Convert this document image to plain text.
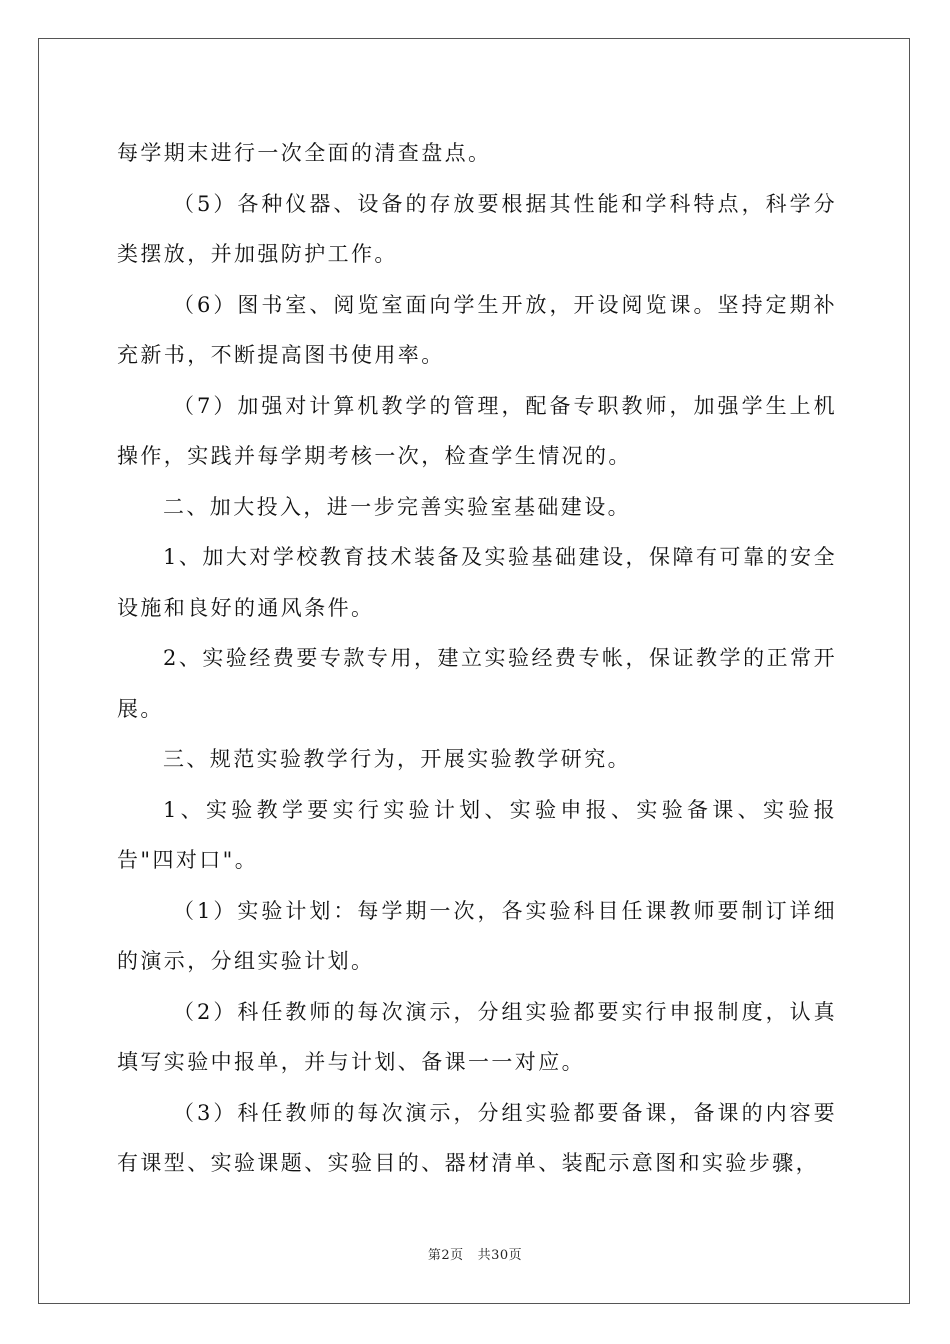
每学期末进行一次全面的清查盘点。

（5）各种仪器、设备的存放要根据其性能和学科特点，科学分类摆放，并加强防护工作。

（6）图书室、阅览室面向学生开放，开设阅览课。坚持定期补充新书，不断提高图书使用率。

（7）加强对计算机教学的管理，配备专职教师，加强学生上机操作，实践并每学期考核一次，检查学生情况的。

二、加大投入，进一步完善实验室基础建设。

1、加大对学校教育技术装备及实验基础建设，保障有可靠的安全设施和良好的通风条件。

2、实验经费要专款专用，建立实验经费专帐，保证教学的正常开展。

三、规范实验教学行为，开展实验教学研究。

1、实验教学要实行实验计划、实验申报、实验备课、实验报告"四对口"。

（1）实验计划：每学期一次，各实验科目任课教师要制订详细的演示，分组实验计划。

（2）科任教师的每次演示，分组实验都要实行申报制度，认真填写实验中报单，并与计划、备课一一对应。

（3）科任教师的每次演示，分组实验都要备课，备课的内容要有课型、实验课题、实验目的、器材清单、装配示意图和实验步骤，

第2页 共30页
